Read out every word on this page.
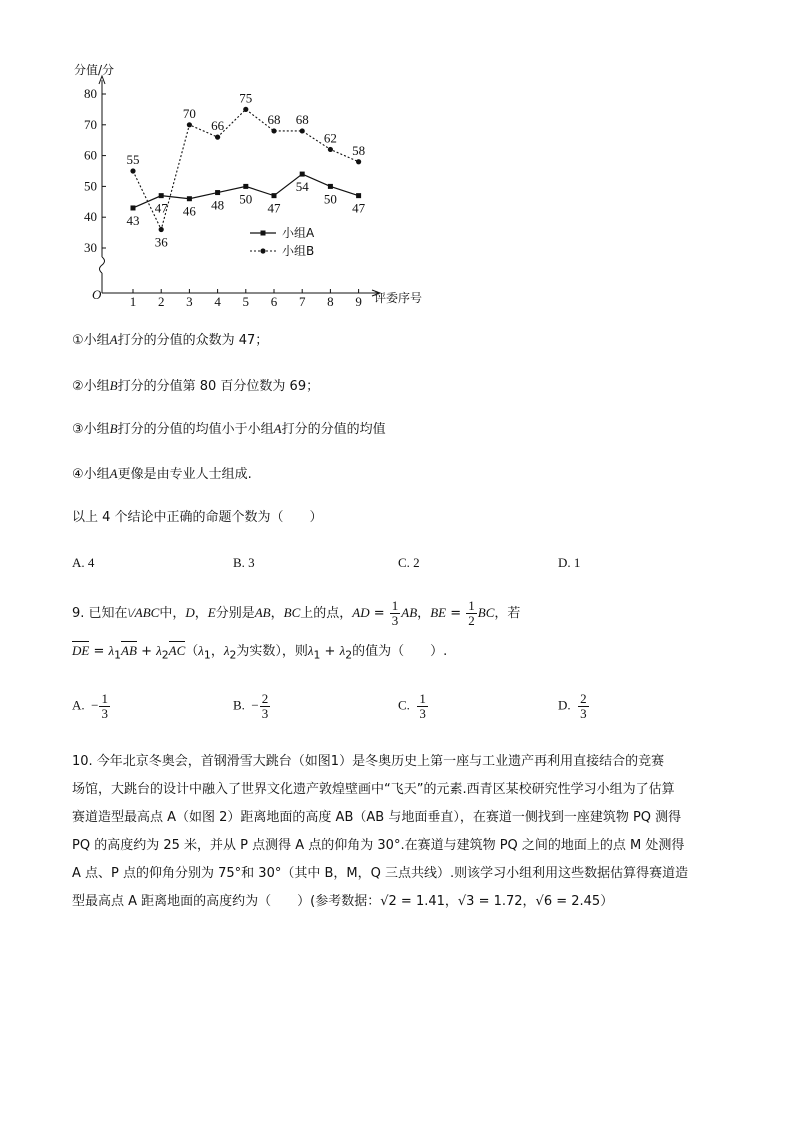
分值/分
评委序号
O
30
40
50
60
70
80
1 2 3 4 5 6 7 8 9
43
47 46 48 50
47
54
50
47
55
36
70
66
75
68 68
62
58
小组A
小组B
①小组A打分的分值的众数为 47；
②小组B打分的分值第 80 百分位数为 69；
③小组B打分的分值的均值小于小组A打分的分值的均值
④小组A更像是由专业人士组成.
以上 4 个结论中正确的命题个数为（　　）
A. 4	B. 3	C. 2	D. 1
9. 已知在\/ABC中，D，E分别是AB，BC上的点，AD = $\frac{1}{3}$ AB，BE = $\frac{1}{2}$ BC，若
DE = $\lambda_1AB + \lambda_2AC(\lambda_1$，$\lambda_2$为实数），则$\lambda_1 + \lambda_2$的值为（　　）.
A. − $\frac{1}{3}$	B. − $\frac{2}{3}$	C. $\frac{1}{3}$	D. $\frac{2}{3}$
10. 今年北京冬奥会，首钢滑雪大跳台（如图1）是冬奥历史上第一座与工业遗产再利用直接结合的竞赛
场馆，大跳台的设计中融入了世界文化遗产敦煌壁画中“飞天”的元素.西青区某校研究性学习小组为了估算
赛道造型最高点 A（如图 2）距离地面的高度 AB（AB 与地面垂直），在赛道一侧找到一座建筑物 PQ 测得
PQ 的高度约为 25 米，并从 P 点测得 A 点的仰角为 30°.在赛道与建筑物 PQ 之间的地面上的点 M 处测得
A 点、P 点的仰角分别为 75°和 30°（其中 B，M，Q 三点共线）.则该学习小组利用这些数据估算得赛道造
型最高点 A 距离地面的高度约为（　　）(参考数据：√2 = 1.41，√3 = 1.72，√6 = 2.45）
